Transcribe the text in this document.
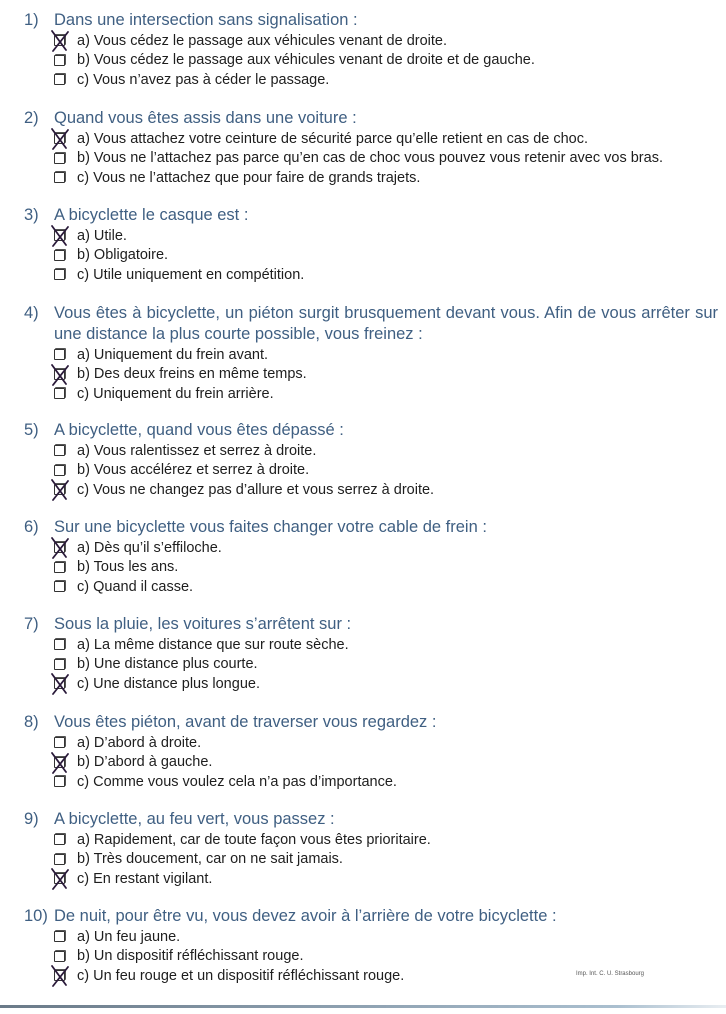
1) Dans une intersection sans signalisation :
a) Vous cédez le passage aux véhicules venant de droite.
b) Vous cédez le passage aux véhicules venant de droite et de gauche.
c) Vous n’avez pas à céder le passage.
2) Quand vous êtes assis dans une voiture :
a) Vous attachez votre ceinture de sécurité parce qu’elle retient en cas de choc.
b) Vous ne l’attachez pas parce qu’en cas de choc vous pouvez vous retenir avec vos bras.
c) Vous ne l’attachez que pour faire de grands trajets.
3) A bicyclette le casque est :
a) Utile.
b) Obligatoire.
c) Utile uniquement en compétition.
4) Vous êtes à bicyclette, un piéton surgit brusquement devant vous. Afin de vous arrêter sur une distance la plus courte possible, vous freinez :
a) Uniquement du frein avant.
b) Des deux freins en même temps.
c) Uniquement du frein arrière.
5) A bicyclette, quand vous êtes dépassé :
a) Vous ralentissez et serrez à droite.
b) Vous accélérez et serrez à droite.
c) Vous ne changez pas d’allure et vous serrez à droite.
6) Sur une bicyclette vous faites changer votre cable de frein :
a) Dès qu’il s’effiloche.
b) Tous les ans.
c) Quand il casse.
7) Sous la pluie, les voitures s’arrêtent sur :
a) La même distance que sur route sèche.
b) Une distance plus courte.
c) Une distance plus longue.
8) Vous êtes piéton, avant de traverser vous regardez :
a) D’abord à droite.
b) D’abord à gauche.
c) Comme vous voulez cela n’a pas d’importance.
9) A bicyclette, au feu vert, vous passez :
a) Rapidement, car de toute façon vous êtes prioritaire.
b) Très doucement, car on ne sait jamais.
c) En restant vigilant.
10) De nuit, pour être vu, vous devez avoir à l’arrière de votre bicyclette :
a) Un feu jaune.
b) Un dispositif réfléchissant rouge.
c) Un feu rouge et un dispositif réfléchissant rouge.	Imp. Int. C. U. Strasbourg
